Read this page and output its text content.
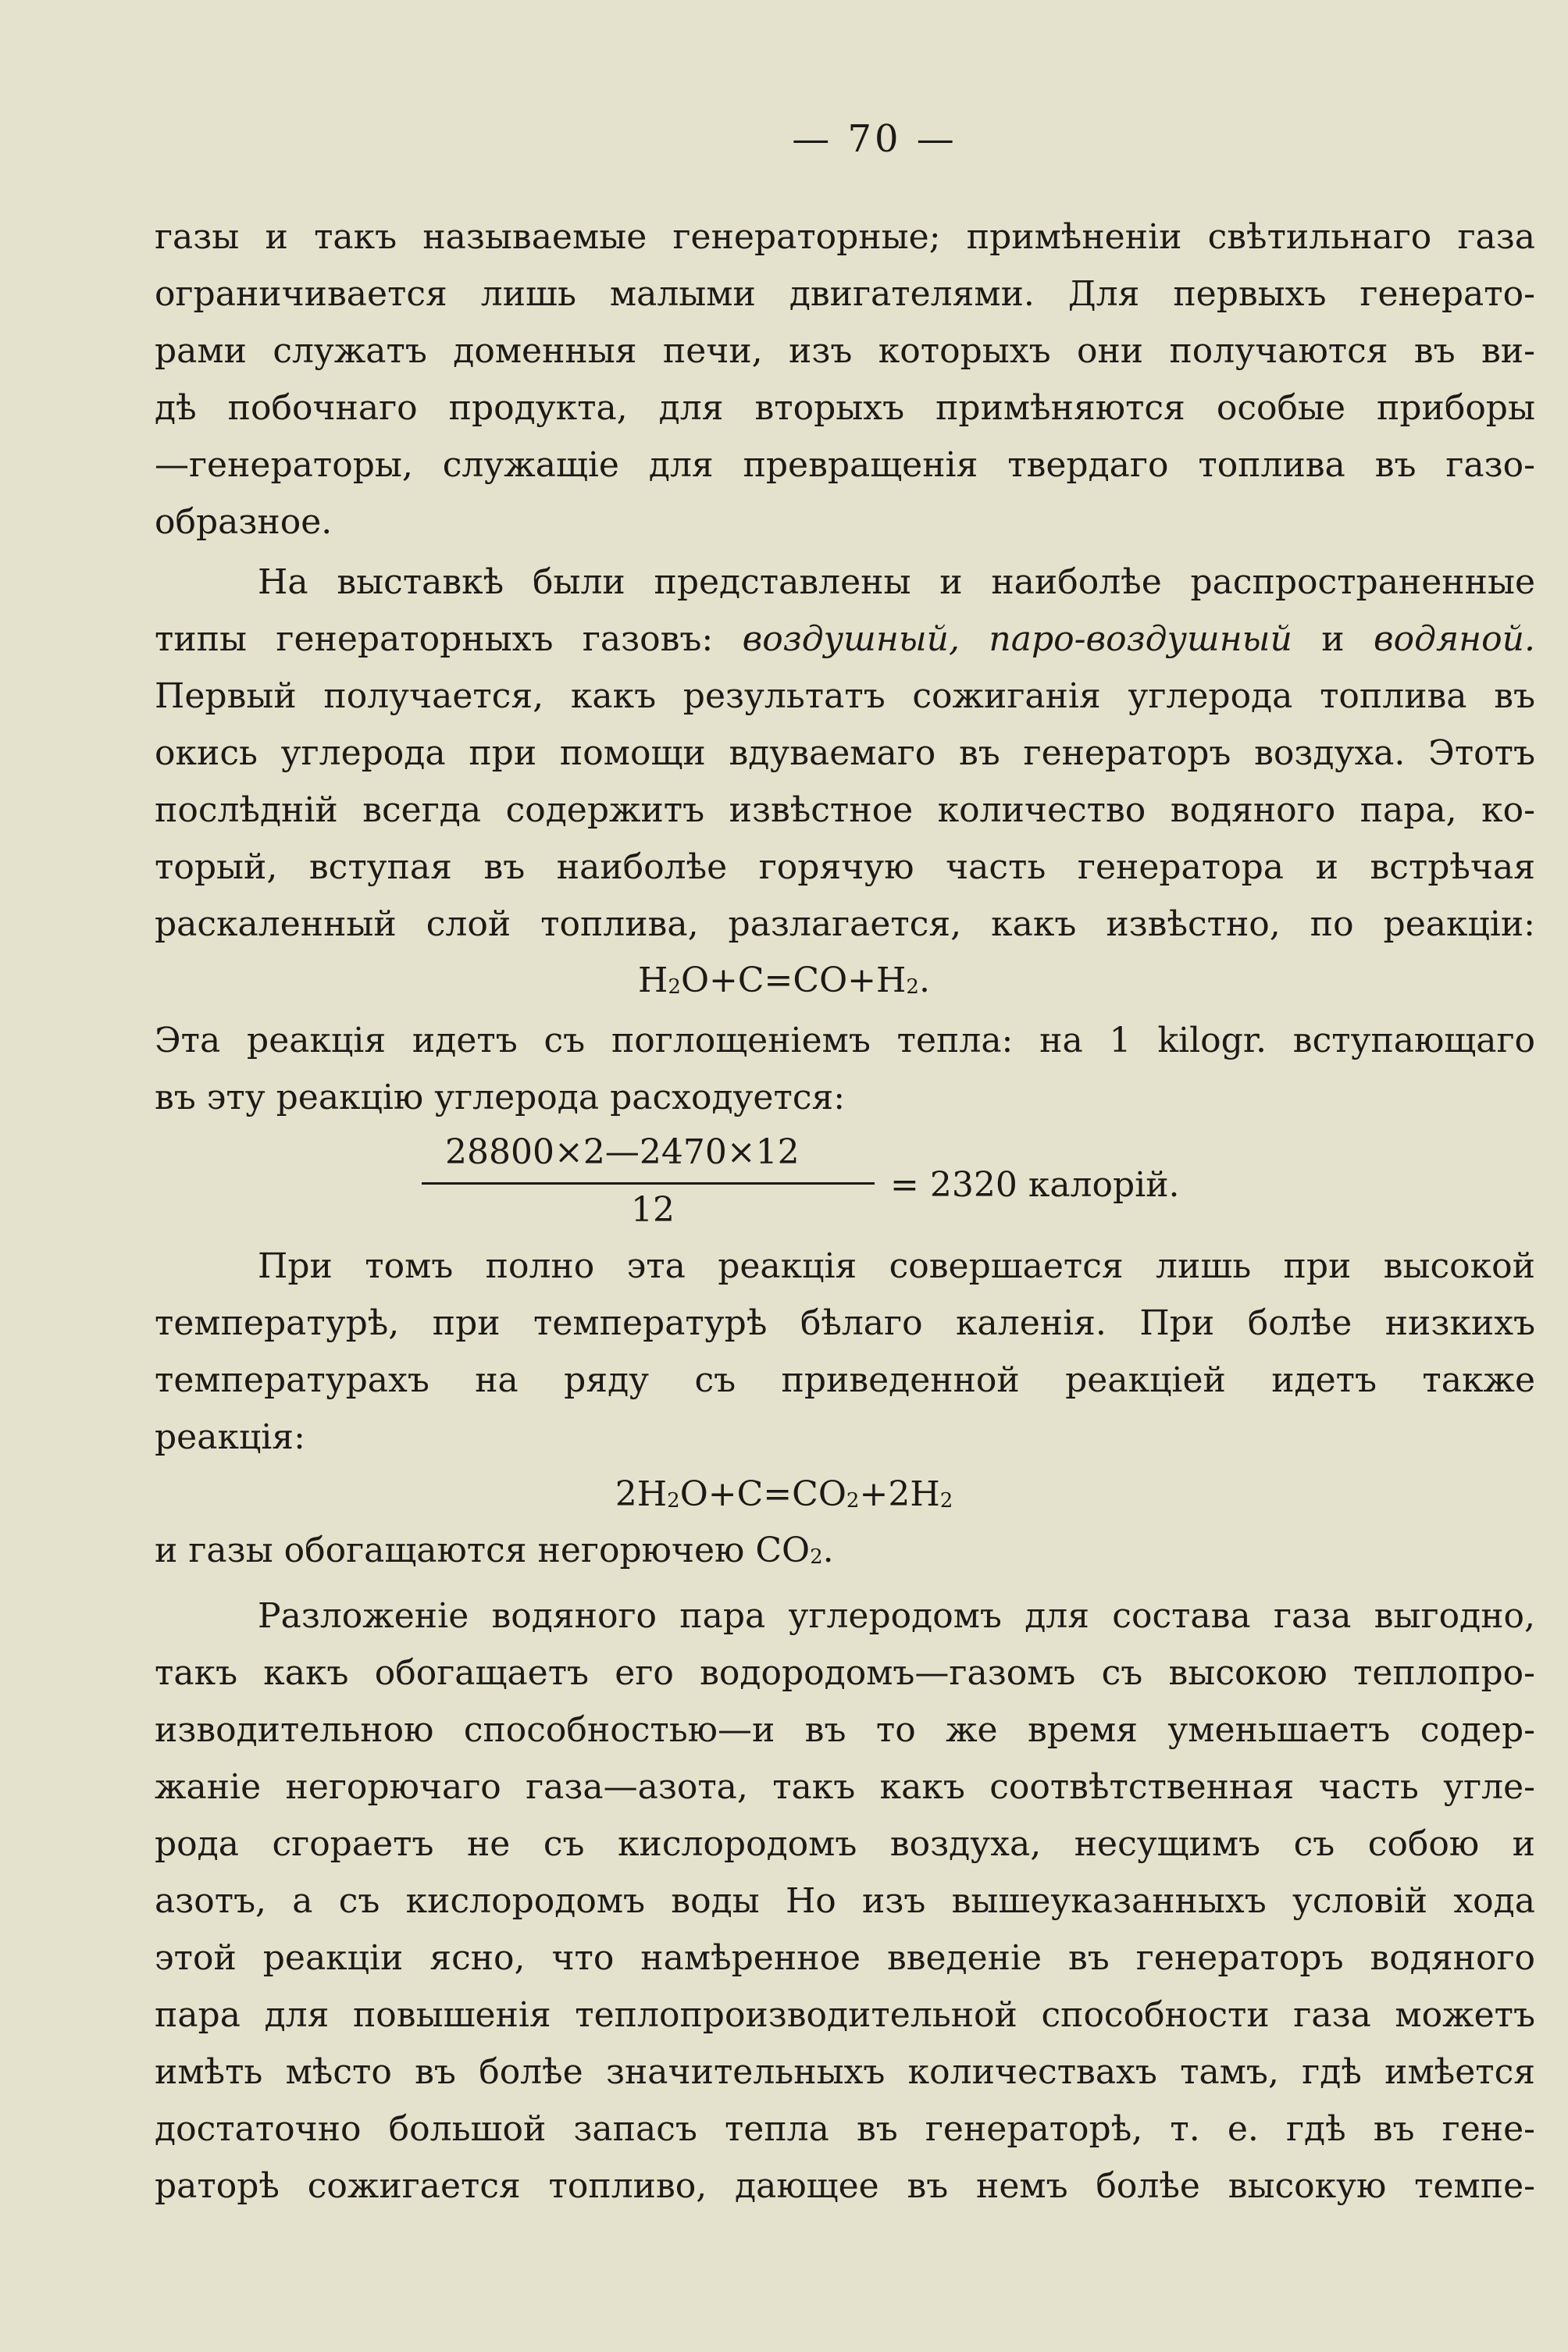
— 70 —
газы и такъ называемые генераторные; примѣненіи свѣтильнаго газа
ограничивается лишь малыми двигателями. Для первыхъ генерато-
рами служатъ доменныя печи, изъ которыхъ они получаются въ ви-
дѣ побочнаго продукта, для вторыхъ примѣняются особые приборы
—генераторы, служащіе для превращенія твердаго топлива въ газо-
образное.
На выставкѣ были представлены и наиболѣе распространенные
типы генераторныхъ газовъ: воздушный, паро-воздушный и водяной.
Первый получается, какъ результатъ сожиганія углерода топлива въ
окись углерода при помощи вдуваемаго въ генераторъ воздуха. Этотъ
послѣдній всегда содержитъ извѣстное количество водяного пара, ко-
торый, вступая въ наиболѣе горячую часть генератора и встрѣчая
раскаленный слой топлива, разлагается, какъ извѣстно, по реакціи:
$H_2O+C=CO+H_2$.
Эта реакція идетъ съ поглощеніемъ тепла: на 1 kilogr. вступающаго
въ эту реакцію углерода расходуется:
28800×2—2470×12
12
= 2320 калорій.
При томъ полно эта реакція совершается лишь при высокой
температурѣ, при температурѣ бѣлаго каленія. При болѣе низкихъ
температурахъ на ряду съ приведенной реакціей идетъ также
реакція:
$2H_2O+C=CO_2+2H_2$
и газы обогащаются негорючею $CO_2$.
Разложеніе водяного пара углеродомъ для состава газа выгодно,
такъ какъ обогащаетъ его водородомъ—газомъ съ высокою теплопро-
изводительною способностью—и въ то же время уменьшаетъ содер-
жаніе негорючаго газа—азота, такъ какъ соотвѣтственная часть угле-
рода сгораетъ не съ кислородомъ воздуха, несущимъ съ собою и
азотъ, а съ кислородомъ воды Но изъ вышеуказанныхъ условій хода
этой реакціи ясно, что намѣренное введеніе въ генераторъ водяного
пара для повышенія теплопроизводительной способности газа можетъ
имѣть мѣсто въ болѣе значительныхъ количествахъ тамъ, гдѣ имѣется
достаточно большой запасъ тепла въ генераторѣ, т. е. гдѣ въ гене-
раторѣ сожигается топливо, дающее въ немъ болѣе высокую темпе-
